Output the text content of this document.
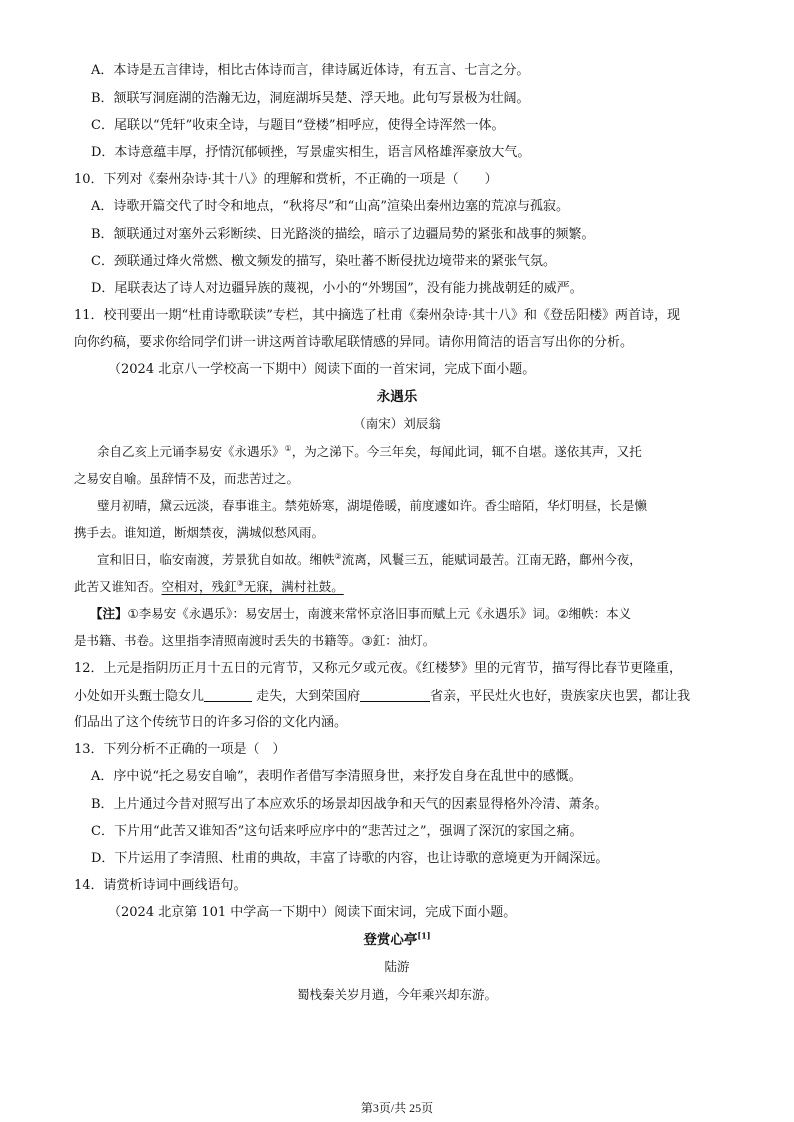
A．本诗是五言律诗，相比古体诗而言，律诗属近体诗，有五言、七言之分。
B．颔联写洞庭湖的浩瀚无边，洞庭湖坼吴楚、浮天地。此句写景极为壮阔。
C．尾联以“凭轩”收束全诗，与题目“登楼”相呼应，使得全诗浑然一体。
D．本诗意蕴丰厚，抒情沉郁顿挫，写景虚实相生，语言风格雄浑豪放大气。
10．下列对《秦州杂诗·其十八》的理解和赏析，不正确的一项是（　　）
A．诗歌开篇交代了时令和地点，“秋将尽”和“山高”渲染出秦州边塞的荒凉与孤寂。
B．颔联通过对塞外云彩断续、日光路淡的描绘，暗示了边疆局势的紧张和战事的频繁。
C．颈联通过烽火常燃、檄文频发的描写，染吐蕃不断侵扰边境带来的紧张气氛。
D．尾联表达了诗人对边疆异族的蔑视，小小的“外甥国”，没有能力挑战朝廷的威严。
11．校刊要出一期“杜甫诗歌联读”专栏，其中摘选了杜甫《秦州杂诗·其十八》和《登岳阳楼》两首诗，现
向你约稿，要求你给同学们讲一讲这两首诗歌尾联情感的异同。请你用简洁的语言写出你的分析。
（2024 北京八一学校高一下期中）阅读下面的一首宋词，完成下面小题。
永遇乐
（南宋）刘辰翁
余自乙亥上元诵李易安《永遇乐》①，为之涕下。今三年矣，每闻此词，辄不自堪。遂依其声，又托
之易安自喻。虽辞情不及，而悲苦过之。
璧月初晴，黛云远淡，春事谁主。禁苑娇寒，湖堤倦暖，前度遽如许。香尘暗陌，华灯明昼，长是懒
携手去。谁知道，断烟禁夜，满城似愁风雨。
宣和旧日，临安南渡，芳景犹自如故。缃帙②流离，风鬟三五，能赋词最苦。江南无路，鄜州今夜，
此苦又谁知否。空相对，残釭③无寐，满村社鼓。
【注】①李易安《永遇乐》：易安居士，南渡来常怀京洛旧事而赋上元《永遇乐》词。②缃帙：本义
是书籍、书卷。这里指李清照南渡时丢失的书籍等。③釭：油灯。
12．上元是指阴历正月十五日的元宵节，又称元夕或元夜。《红楼梦》里的元宵节，描写得比春节更隆重，
小处如开头甄士隐女儿	走失，大到荣国府	省亲，平民灶火也好，贵族家庆也罢，都让我
们品出了这个传统节日的许多习俗的文化内涵。
13．下列分析不正确的一项是（　）
A．序中说“托之易安自喻”，表明作者借写李清照身世，来抒发自身在乱世中的感慨。
B．上片通过今昔对照写出了本应欢乐的场景却因战争和天气的因素显得格外冷清、萧条。
C．下片用“此苦又谁知否”这句话来呼应序中的“悲苦过之”，强调了深沉的家国之痛。
D．下片运用了李清照、杜甫的典故，丰富了诗歌的内容，也让诗歌的意境更为开阔深远。
14．请赏析诗词中画线语句。
（2024 北京第 101 中学高一下期中）阅读下面宋词，完成下面小题。
登赏心亭[1]
陆游
蜀栈秦关岁月遒，今年乘兴却东游。
第3页/共 25页
